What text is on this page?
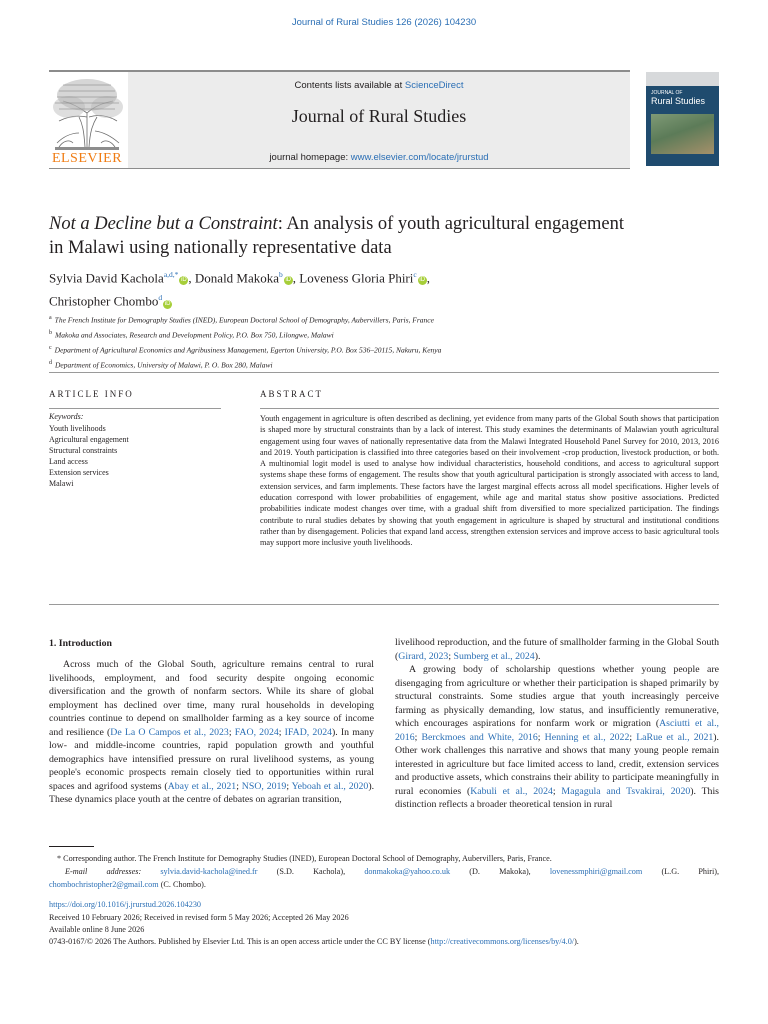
Journal of Rural Studies 126 (2026) 104230
ELSEVIER
Contents lists available at ScienceDirect
Journal of Rural Studies
journal homepage: www.elsevier.com/locate/jrurstud
JOURNAL OF
Rural Studies
Not a Decline but a Constraint: An analysis of youth agricultural engagement
in Malawi using nationally representative data
Sylvia David Kachola$^{a,d,*}$iD , Donald Makoka$^b$iD , Loveness Gloria Phiri$^c$iD ,
Christopher Chombo$^d$iD
$^a$ The French Institute for Demography Studies (INED), European Doctoral School of Demography, Aubervillers, Paris, France
$^b$ Makoka and Associates, Research and Development Policy, P.O. Box 750, Lilongwe, Malawi
$^c$ Department of Agricultural Economics and Agribusiness Management, Egerton University, P.O. Box 536–20115, Nakuru, Kenya
$^d$ Department of Economics, University of Malawi, P. O. Box 280, Malawi
ARTICLE INFO	ABSTRACT
Keywords:
Youth livelihoods
Agricultural engagement
Structural constraints
Land access
Extension services
Malawi
Youth engagement in agriculture is often described as declining, yet evidence from many parts of the Global South shows that participation is shaped more by structural constraints than by a lack of interest. This study examines the determinants of Malawian youth agricultural engagement using four waves of nationally representative data from the Malawi Integrated Household Panel Survey for 2010, 2013, 2016 and 2019. Youth participation is classified into three categories based on their involvement -crop production, livestock production, or both. A multinomial logit model is used to analyse how individual characteristics, household conditions, and access to agricultural support systems shape these forms of engagement. The results show that youth agricultural participation is strongly associated with access to land, extension services, and farm implements. These factors have the largest marginal effects across all model specifications. Higher levels of education correspond with lower probabilities of engagement, while age and marital status show positive associations. Predicted probabilities indicate modest changes over time, with a gradual shift from diversified to more specialized participation. The findings contribute to rural studies debates by showing that youth engagement in agriculture is shaped by structural and institutional conditions rather than by disengagement. Policies that expand land access, strengthen extension services and improve access to basic agricultural tools may support more inclusive youth livelihoods.
1. Introduction

Across much of the Global South, agriculture remains central to rural livelihoods, employment, and food security despite ongoing economic diversification and the growth of nonfarm sectors. While its share of global employment has declined over time, many rural households in developing countries continue to depend on smallholder farming as a key source of income and resilience (De La O Campos et al., 2023; FAO, 2024; IFAD, 2024). In many low- and middle-income countries, rapid population growth and youthful demographics have intensified pressure on rural livelihood systems, as young people's economic prospects remain closely tied to opportunities within rural spaces and agrifood systems (Abay et al., 2021; NSO, 2019; Yeboah et al., 2020). These dynamics place youth at the centre of debates on agrarian transition,

livelihood reproduction, and the future of smallholder farming in the Global South (Girard, 2023; Sumberg et al., 2024).

A growing body of scholarship questions whether young people are disengaging from agriculture or whether their participation is shaped primarily by structural constraints. Some studies argue that youth increasingly perceive farming as physically demanding, low status, and insufficiently remunerative, which encourages aspirations for nonfarm work or migration (Asciutti et al., 2016; Berckmoes and White, 2016; Henning et al., 2022; LaRue et al., 2021). Other work challenges this narrative and shows that many young people remain interested in agriculture but face limited access to land, credit, extension services and productive assets, which constrains their ability to participate meaningfully in rural economies (Kabuli et al., 2024; Magagula and Tsvakirai, 2020). This distinction reflects a broader theoretical tension in rural

* Corresponding author. The French Institute for Demography Studies (INED), European Doctoral School of Demography, Aubervillers, Paris, France.
E-mail addresses: sylvia.david-kachola@ined.fr (S.D. Kachola), donmakoka@yahoo.co.uk (D. Makoka), lovenessmphiri@gmail.com (L.G. Phiri),
chombochristopher2@gmail.com (C. Chombo).
https://doi.org/10.1016/j.jrurstud.2026.104230
Received 10 February 2026; Received in revised form 5 May 2026; Accepted 26 May 2026
Available online 8 June 2026
0743-0167/© 2026 The Authors. Published by Elsevier Ltd. This is an open access article under the CC BY license (http://creativecommons.org/licenses/by/4.0/).
